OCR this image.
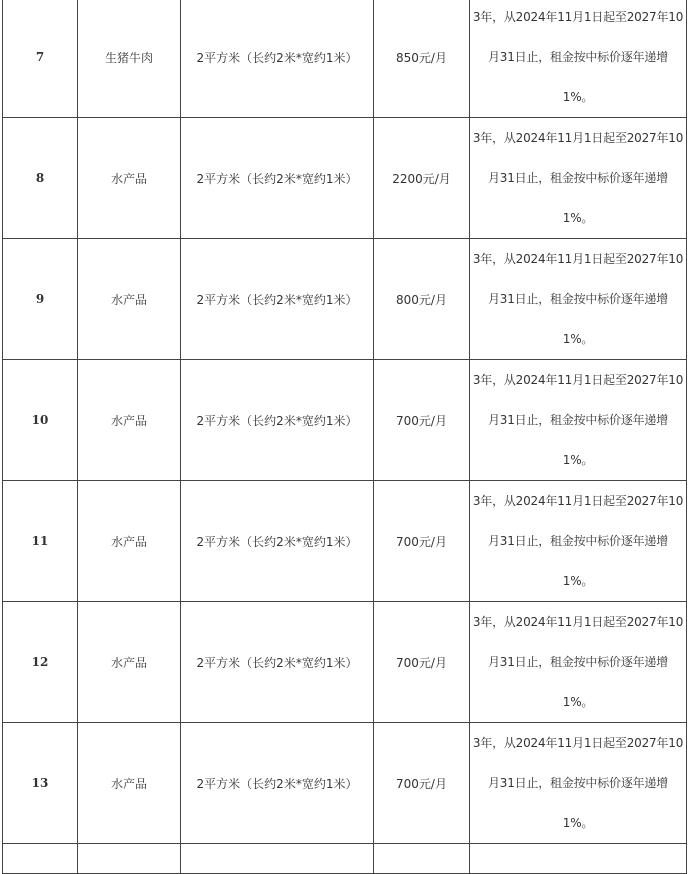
7	生猪牛肉	2平方米（长约2米*宽约1米）	850元/月	3年，从2024年11月1日起至2027年10
月31日止，租金按中标价逐年递增
1%。

8	水产品	2平方米（长约2米*宽约1米）	2200元/月	3年，从2024年11月1日起至2027年10
月31日止，租金按中标价逐年递增
1%。

9	水产品	2平方米（长约2米*宽约1米）	800元/月	3年，从2024年11月1日起至2027年10
月31日止，租金按中标价逐年递增
1%。

10	水产品	2平方米（长约2米*宽约1米）	700元/月	3年，从2024年11月1日起至2027年10
月31日止，租金按中标价逐年递增
1%。

11	水产品	2平方米（长约2米*宽约1米）	700元/月	3年，从2024年11月1日起至2027年10
月31日止，租金按中标价逐年递增
1%。

12	水产品	2平方米（长约2米*宽约1米）	700元/月	3年，从2024年11月1日起至2027年10
月31日止，租金按中标价逐年递增
1%。

13	水产品	2平方米（长约2米*宽约1米）	700元/月	3年，从2024年11月1日起至2027年10
月31日止，租金按中标价逐年递增
1%。
